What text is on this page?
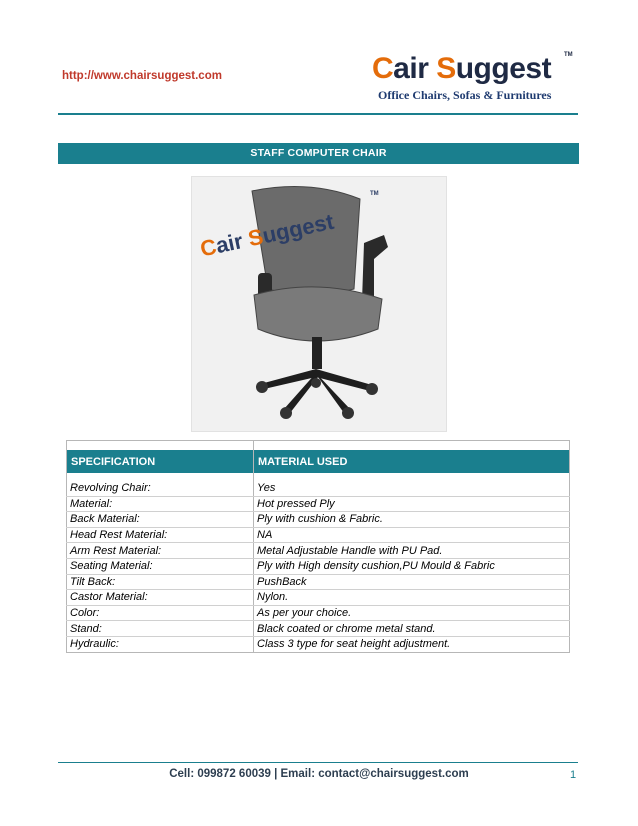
http://www.chairsuggest.com	Cair Suggest TM
Office Chairs, Sofas & Furnitures
STAFF COMPUTER CHAIR
Cair Suggest
TM

SPECIFICATION	MATERIAL USED

Revolving Chair:	Yes
Material:	Hot pressed Ply
Back Material:	Ply with cushion & Fabric.
Head Rest Material:	NA
Arm Rest Material:	Metal Adjustable Handle with PU Pad.
Seating Material:	Ply with High density cushion,PU Mould & Fabric
Tilt Back:	PushBack
Castor Material:	Nylon.
Color:	As per your choice.
Stand:	Black coated or chrome metal stand.
Hydraulic:	Class 3 type for seat height adjustment.
Cell: 099872 60039 | Email: contact@chairsuggest.com	1
